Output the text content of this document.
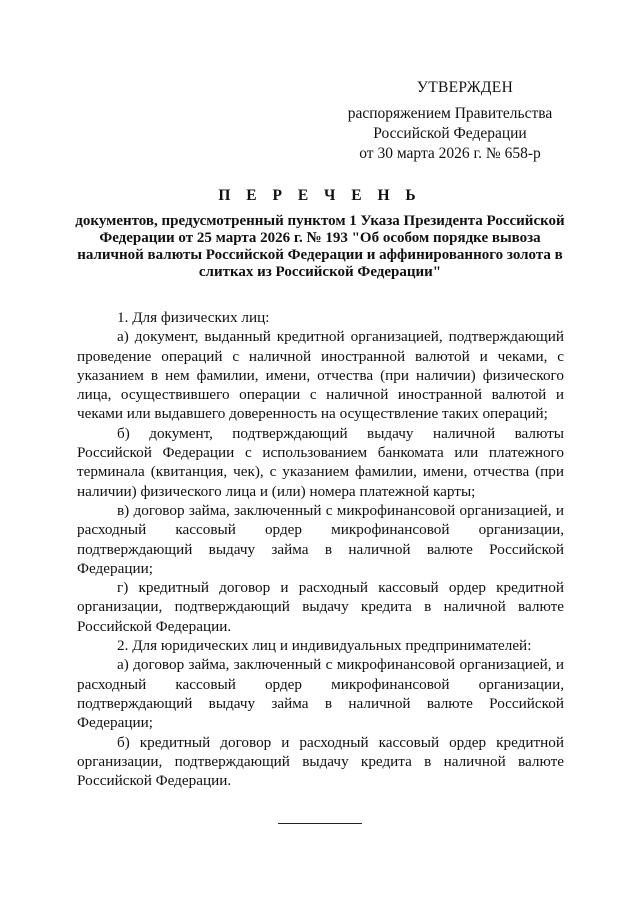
УТВЕРЖДЕН
распоряжением Правительства
Российской Федерации
от 30 марта 2026 г. № 658-р
П Е Р Е Ч Е Н Ь
документов, предусмотренный пунктом 1 Указа Президента Российской Федерации от 25 марта 2026 г. № 193 "Об особом порядке вывоза наличной валюты Российской Федерации и аффинированного золота в слитках из Российской Федерации"

1. Для физических лиц:

а) документ, выданный кредитной организацией, подтверждающий проведение операций с наличной иностранной валютой и чеками, с указанием в нем фамилии, имени, отчества (при наличии) физического лица, осуществившего операции с наличной иностранной валютой и чеками или выдавшего доверенность на осуществление таких операций;

б) документ, подтверждающий выдачу наличной валюты Российской Федерации с использованием банкомата или платежного терминала (квитанция, чек), с указанием фамилии, имени, отчества (при наличии) физического лица и (или) номера платежной карты;

в) договор займа, заключенный с микрофинансовой организацией, и расходный кассовый ордер микрофинансовой организации, подтверждающий выдачу займа в наличной валюте Российской Федерации;

г) кредитный договор и расходный кассовый ордер кредитной организации, подтверждающий выдачу кредита в наличной валюте Российской Федерации.

2. Для юридических лиц и индивидуальных предпринимателей:

а) договор займа, заключенный с микрофинансовой организацией, и расходный кассовый ордер микрофинансовой организации, подтверждающий выдачу займа в наличной валюте Российской Федерации;

б) кредитный договор и расходный кассовый ордер кредитной организации, подтверждающий выдачу кредита в наличной валюте Российской Федерации.
